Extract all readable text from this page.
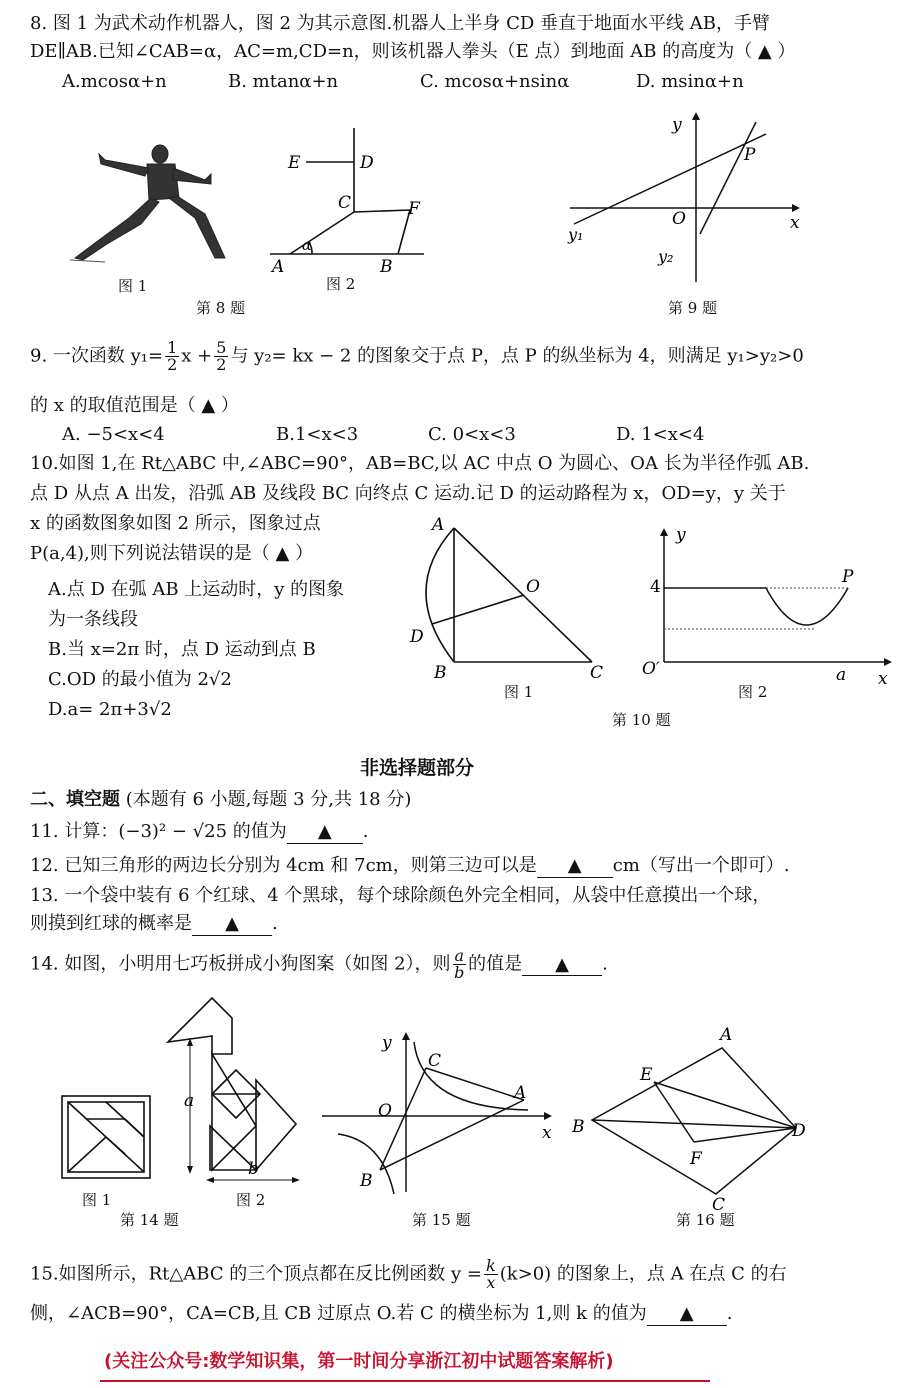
8. 图 1 为武术动作机器人，图 2 为其示意图.机器人上半身 CD 垂直于地面水平线 AB，手臂
DE∥AB.已知∠CAB=α，AC=m,CD=n，则该机器人拳头（E 点）到地面 AB 的高度为（ ▲ ）
A.mcosα+n	B. mtanα+n	C. mcosα+nsinα	D. msinα+n
图 1
E	D
C	F
A	B
α
图 2
第 8 题
y
P
O	x
y₁
y₂
第 9 题
9. 一次函数 $y_1= \frac{1}{2}$ $x + \frac{5}{2}$ 与 y₂= kx − 2 的图象交于点 P，点 P 的纵坐标为 4，则满足 y₁>y₂>0
的 x 的取值范围是（ ▲ ）
A. −5<x<4	B.1<x<3	C. 0<x<3	D. 1<x<4
10.如图 1,在 Rt△ABC 中,∠ABC=90°，AB=BC,以 AC 中点 O 为圆心、OA 长为半径作弧 AB.
点 D 从点 A 出发，沿弧 AB 及线段 BC 向终点 C 运动.记 D 的运动路程为 x，OD=y，y 关于
x 的函数图象如图 2 所示，图象过点
P(a,4),则下列说法错误的是（ ▲ ）
A.点 D 在弧 AB 上运动时，y 的图象
为一条线段
B.当 x=2π 时，点 D 运动到点 B
C.OD 的最小值为 2√2
D.a= 2π+3√2
A
O
D
B	C
图 1
y
4	P
O′	a x
图 2
第 10 题
非选择题部分
二、填空题 (本题有 6 小题,每题 3 分,共 18 分)
11. 计算：(−3)² − √25 的值为 ▲ .
12. 已知三角形的两边长分别为 4cm 和 7cm，则第三边可以是 ▲ cm（写出一个即可）.
13. 一个袋中装有 6 个红球、4 个黑球，每个球除颜色外完全相同，从袋中任意摸出一个球，
则摸到红球的概率是 ▲ .
14. 如图，小明用七巧板拼成小狗图案（如图 2），则 $\frac{a}{b}$ 的值是 ▲ .
图 1
a
b
图 2
第 14 题
y
C
O
A
x
B
第 15 题
A
E
B	D
F
C
第 16 题
15.如图所示，Rt△ABC 的三个顶点都在反比例函数 $y = \frac{k}{x} (k>0)$ 的图象上，点 A 在点 C 的右
侧，∠ACB=90°，CA=CB,且 CB 过原点 O.若 C 的横坐标为 1,则 k 的值为 ▲ .
(关注公众号:数学知识集，第一时间分享浙江初中试题答案解析)
